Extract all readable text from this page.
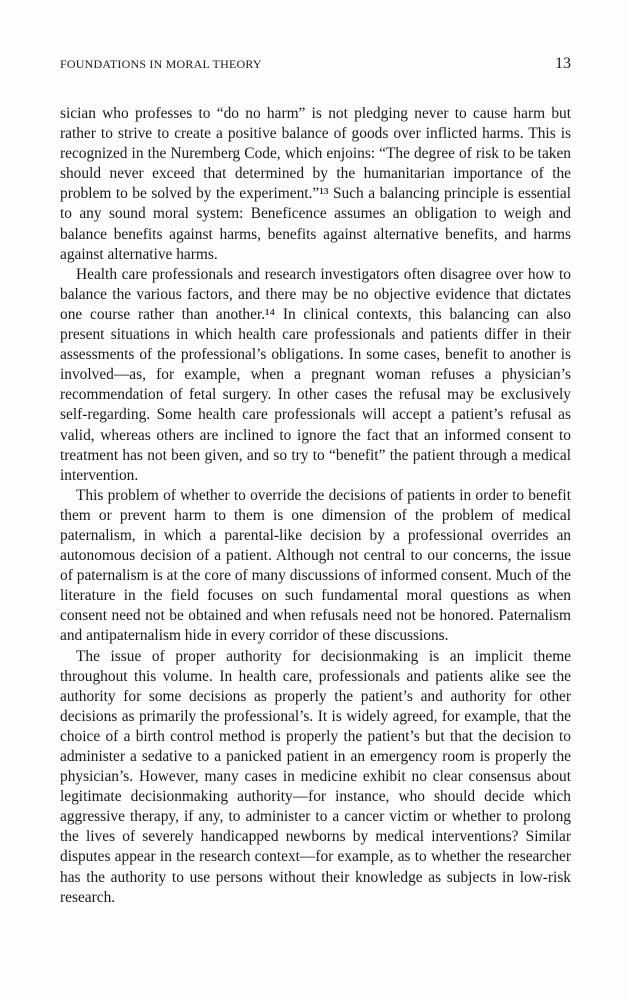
FOUNDATIONS IN MORAL THEORY	13

sician who professes to “do no harm” is not pledging never to cause harm but rather to strive to create a positive balance of goods over inflicted harms. This is recognized in the Nuremberg Code, which enjoins: “The degree of risk to be taken should never exceed that determined by the humanitarian importance of the problem to be solved by the experiment.”¹³ Such a balancing principle is essential to any sound moral system: Beneficence assumes an obligation to weigh and balance benefits against harms, benefits against alternative benefits, and harms against alternative harms.

Health care professionals and research investigators often disagree over how to balance the various factors, and there may be no objective evidence that dictates one course rather than another.¹⁴ In clinical contexts, this balancing can also present situations in which health care professionals and patients differ in their assessments of the professional’s obligations. In some cases, benefit to another is involved—as, for example, when a pregnant woman refuses a physician’s recommendation of fetal surgery. In other cases the refusal may be exclusively self-regarding. Some health care professionals will accept a patient’s refusal as valid, whereas others are inclined to ignore the fact that an informed consent to treatment has not been given, and so try to “benefit” the patient through a medical intervention.

This problem of whether to override the decisions of patients in order to benefit them or prevent harm to them is one dimension of the problem of medical paternalism, in which a parental-like decision by a professional overrides an autonomous decision of a patient. Although not central to our concerns, the issue of paternalism is at the core of many discussions of informed consent. Much of the literature in the field focuses on such fundamental moral questions as when consent need not be obtained and when refusals need not be honored. Paternalism and antipaternalism hide in every corridor of these discussions.

The issue of proper authority for decisionmaking is an implicit theme throughout this volume. In health care, professionals and patients alike see the authority for some decisions as properly the patient’s and authority for other decisions as primarily the professional’s. It is widely agreed, for example, that the choice of a birth control method is properly the patient’s but that the decision to administer a sedative to a panicked patient in an emergency room is properly the physician’s. However, many cases in medicine exhibit no clear consensus about legitimate decisionmaking authority—for instance, who should decide which aggressive therapy, if any, to administer to a cancer victim or whether to prolong the lives of severely handicapped newborns by medical interventions? Similar disputes appear in the research context—for example, as to whether the researcher has the authority to use persons without their knowledge as subjects in low-risk research.
